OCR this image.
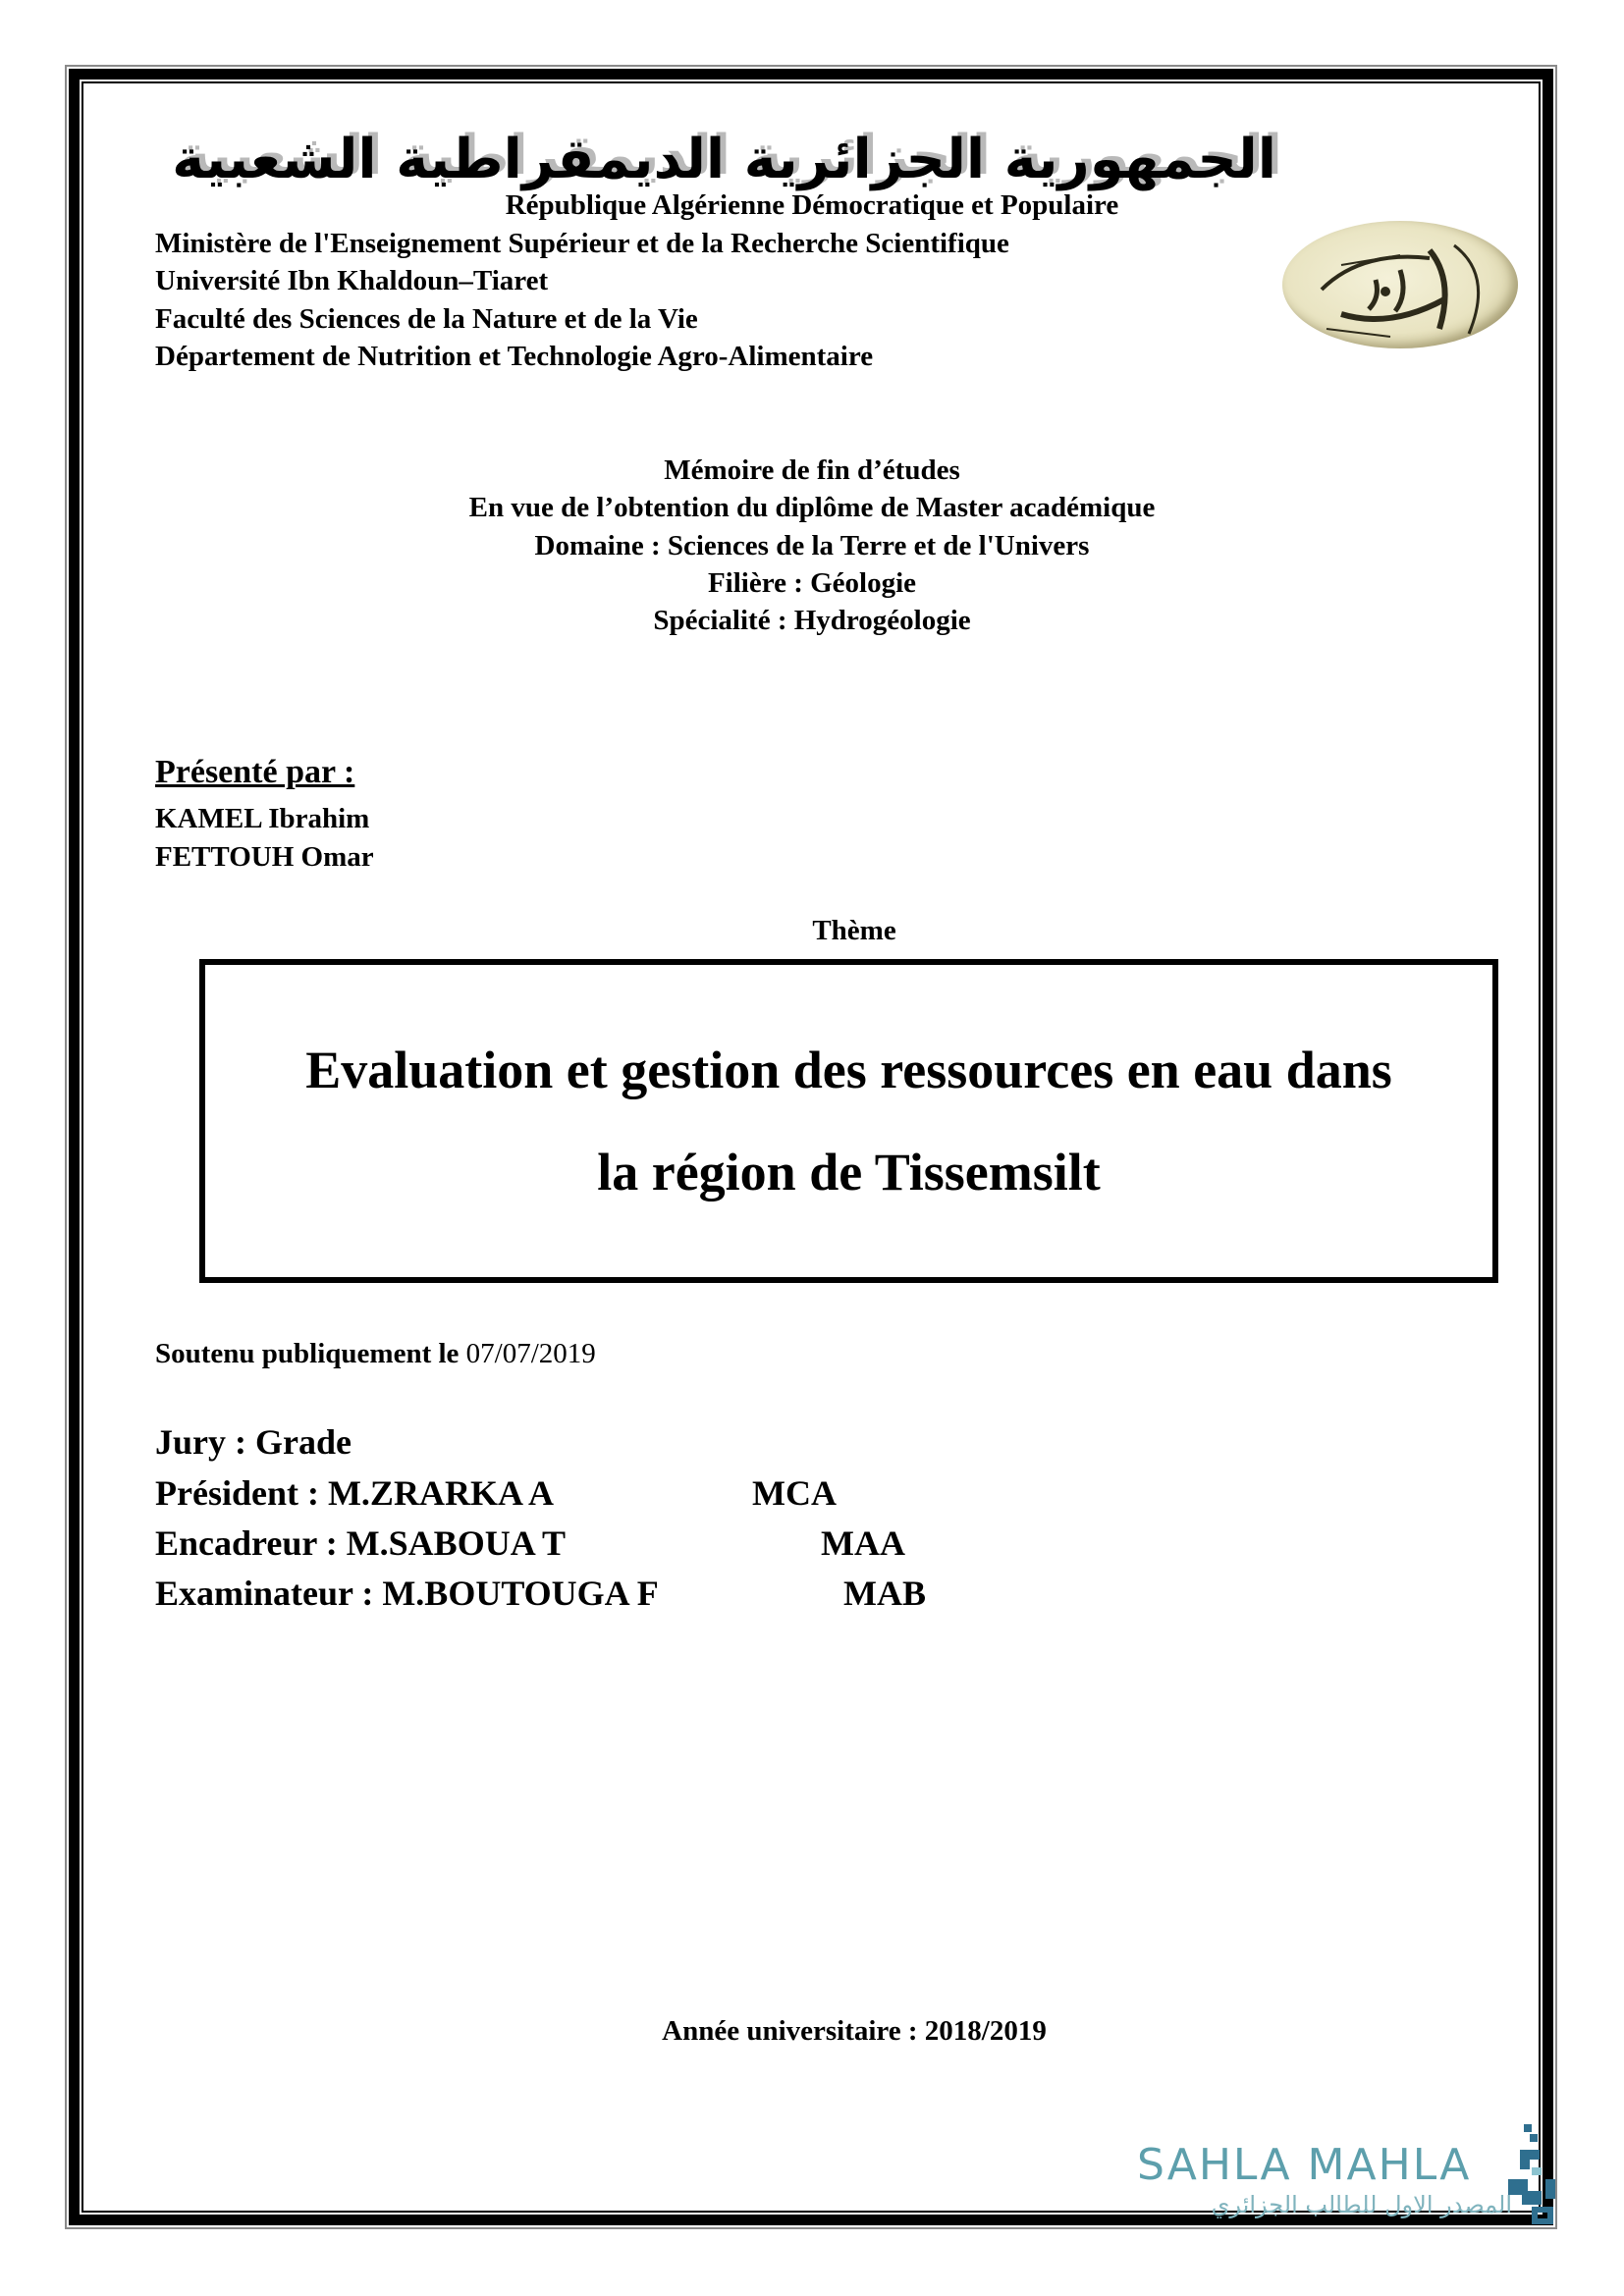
الجمهورية الجزائرية الديمقراطية الشعبية
République Algérienne Démocratique et Populaire
Ministère de l'Enseignement Supérieur et de la Recherche Scientifique
Université Ibn Khaldoun–Tiaret
Faculté des Sciences de la Nature et de la Vie
Département de Nutrition et Technologie Agro-Alimentaire
Mémoire de fin d’études
En vue de l’obtention du diplôme de Master académique
Domaine : Sciences de la Terre et de l'Univers
Filière : Géologie
Spécialité : Hydrogéologie
Présenté par :
KAMEL Ibrahim
FETTOUH Omar
Thème
Evaluation et gestion des ressources en eau dans
la région de Tissemsilt
Soutenu publiquement le 07/07/2019
Jury : Grade
Président : M.ZRARKA A	MCA
Encadreur : M.SABOUA T	MAA
Examinateur : M.BOUTOUGA F	MAB
Année universitaire : 2018/2019
SAHLA MAHLA
المصدر الاول للطالب الجزائري
